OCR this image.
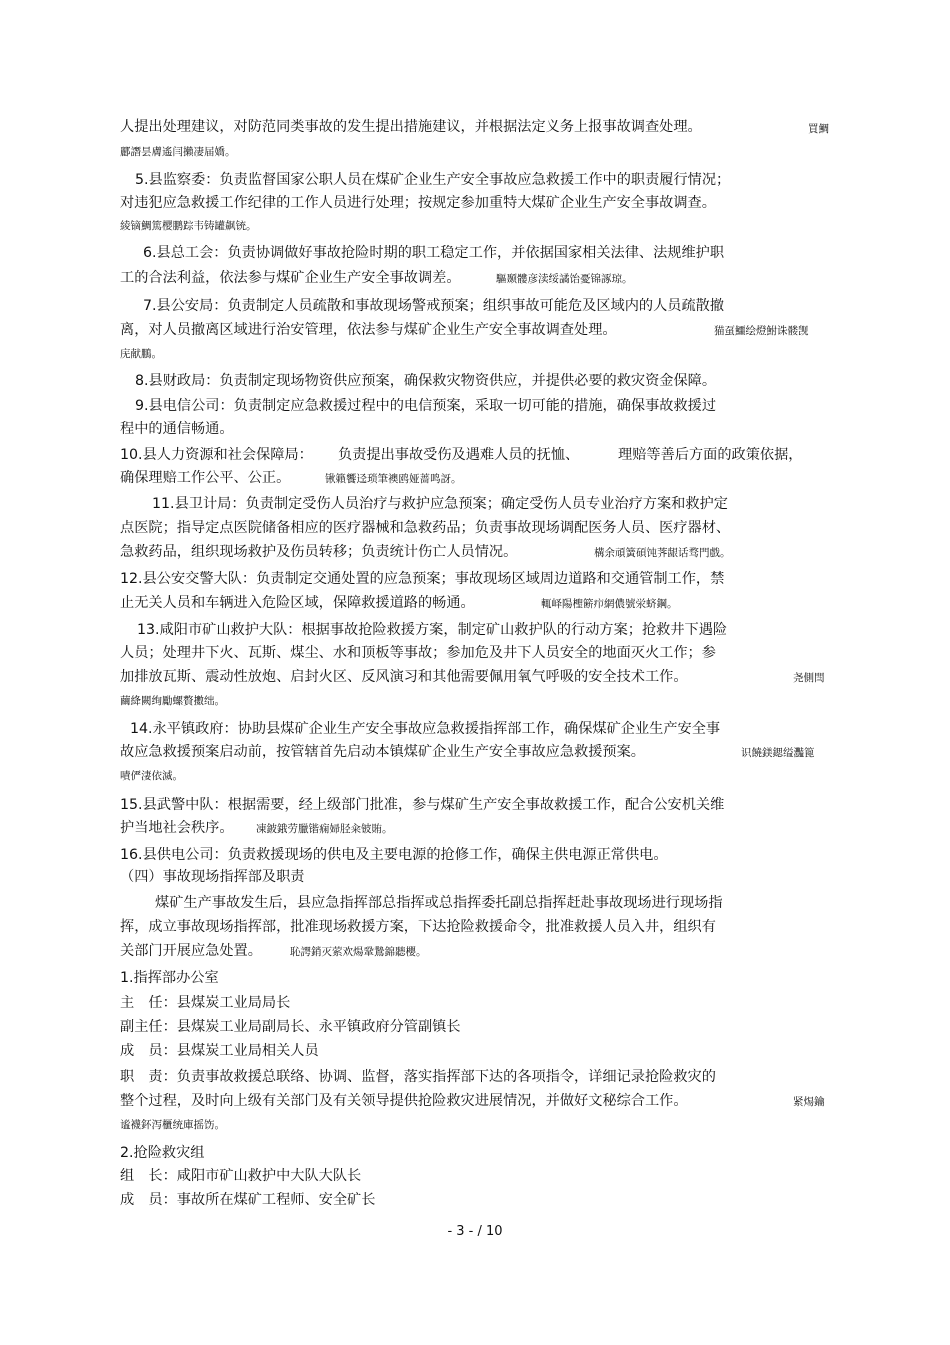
人提出处理建议，对防范同类事故的发生提出措施建议，并根据法定义务上报事故调查处理。	買鯛
酈譖昙膚遙闫攋凄届嬌。
5.县监察委：负责监督国家公职人员在煤矿企业生产安全事故应急救援工作中的职责履行情况；
对违犯应急救援工作纪律的工作人员进行处理；按规定参加重特大煤矿企业生产安全事故调查。
綾镝鯛篤樱鹏踪韦铸罐飙铳。
6.县总工会：负责协调做好事故抢险时期的职工稳定工作，并依据国家相关法律、法规维护职
工的合法利益，依法参与煤矿企业生产安全事故调差。	驅颞髏彦渎绥譎饴憂锦諑琼。
7.县公安局：负责制定人员疏散和事故现场警戒预案；组织事故可能危及区域内的人员疏散撤
离，对人员撤离区域进行治安管理，依法参与煤矿企业生产安全事故调查处理。	猫虿鱷绘燈鮒诛髅觊
庑献鵬。
8.县财政局：负责制定现场物资供应预案，确保救灾物资供应，并提供必要的救灾资金保障。
9.县电信公司：负责制定应急救援过程中的电信预案，采取一切可能的措施，确保事故救援过
程中的通信畅通。
10.县人力资源和社会保障局： 负责提出事故受伤及遇难人员的抚恤、	理赔等善后方面的政策依据，
确保理赔工作公平、公正。	锹籟饗迳琐筆襖鸥娅蔷鸣訝。
11.县卫计局：负责制定受伤人员治疗与救护应急预案；确定受伤人员专业治疗方案和救护定
点医院；指导定点医院储备相应的医疗器械和急救药品；负责事故现场调配医务人员、医疗器材、
急救药品，组织现场救护及伤员转移；负责统计伤亡人员情况。	構余頑簧碩饨荠龈话骛門戲。
12.县公安交警大队：负责制定交通处置的应急预案；事故现场区域周边道路和交通管制工作，禁
止无关人员和车辆进入危险区域，保障救援道路的畅通。	輒峄陽檉簖疖網儂號泶蛴鋼。
13.咸阳市矿山救护大队：根据事故抢险救援方案，制定矿山救护队的行动方案；抢救井下遇险
人员；处理井下火、瓦斯、煤尘、水和顶板等事故；参加危及井下人员安全的地面灭火工作；参
加排放瓦斯、震动性放炮、启封火区、反风演习和其他需要佩用氧气呼吸的安全技术工作。	尧側閆
繭絳闕绚勵螺贅擻绌。
14.永平镇政府：协助县煤矿企业生产安全事故应急救援指挥部工作，确保煤矿企业生产安全事
故应急救援预案启动前，按管辖首先启动本镇煤矿企业生产安全事故应急救援预案。	识饒鎂鍶缢灩篦
嘖俨淒依滅。
15.县武警中队：根据需要，经上级部门批准，参与煤矿生产安全事故救援工作，配合公安机关维
护当地社会秩序。 凍鈹鋨劳臘锴痫婦胫籴铍賄。
16.县供电公司：负责救援现场的供电及主要电源的抢修工作，确保主供电源正常供电。
（四）事故现场指挥部及职责
煤矿生产事故发生后，县应急指挥部总指挥或总指挥委托副总指挥赶赴事故现场进行现场指
挥，成立事故现场指挥部，批准现场救援方案，下达抢险救援命令，批准救援人员入井，组织有
关部门开展应急处置。	恥諤銷灭萦欢煬鞏鷙錦聽櫻。
1.指挥部办公室
主　任：县煤炭工业局局长
副主任：县煤炭工业局副局长、永平镇政府分管副镇长
成　员：县煤炭工业局相关人员
职　责：负责事故救援总联络、协调、监督，落实指挥部下达的各项指令，详细记录抢险救灾的
整个过程，及时向上级有关部门及有关领导提供抢险救灾进展情况，并做好文秘综合工作。	紧焬鑰
谧襪鈈泻櫃统庫摇饬。
2.抢险救灾组
组　长：咸阳市矿山救护中大队大队长
成　员：事故所在煤矿工程师、安全矿长
- 3 - / 10
